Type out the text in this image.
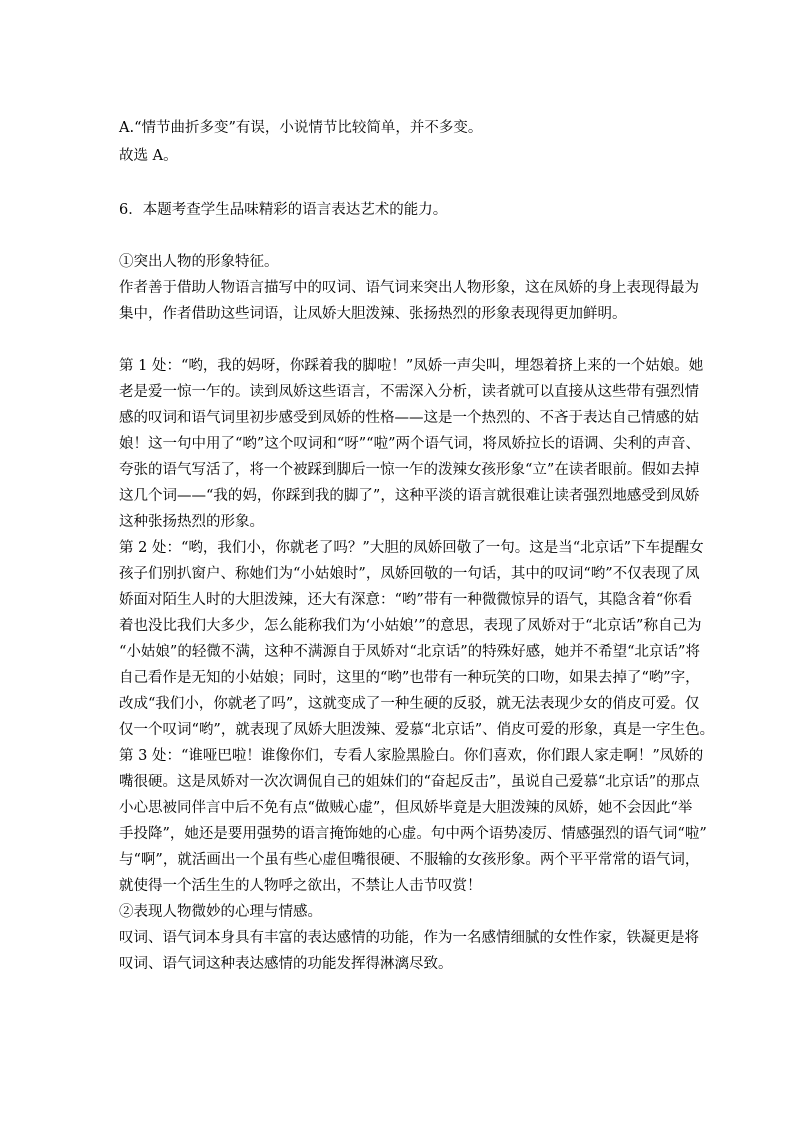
A.“情节曲折多变”有误，小说情节比较简单，并不多变。
故选 A。
6．本题考查学生品味精彩的语言表达艺术的能力。
①突出人物的形象特征。
作者善于借助人物语言描写中的叹词、语气词来突出人物形象，这在凤娇的身上表现得最为
集中，作者借助这些词语，让凤娇大胆泼辣、张扬热烈的形象表现得更加鲜明。
第 1 处：“哟，我的妈呀，你踩着我的脚啦！”凤娇一声尖叫，埋怨着挤上来的一个姑娘。她
老是爱一惊一乍的。读到凤娇这些语言，不需深入分析，读者就可以直接从这些带有强烈情
感的叹词和语气词里初步感受到凤娇的性格——这是一个热烈的、不吝于表达自己情感的姑
娘！这一句中用了“哟”这个叹词和“呀”“啦”两个语气词，将凤娇拉长的语调、尖利的声音、
夸张的语气写活了，将一个被踩到脚后一惊一乍的泼辣女孩形象“立”在读者眼前。假如去掉
这几个词——“我的妈，你踩到我的脚了”，这种平淡的语言就很难让读者强烈地感受到凤娇
这种张扬热烈的形象。
第 2 处：“哟，我们小，你就老了吗？”大胆的凤娇回敬了一句。这是当“北京话”下车提醒女
孩子们别扒窗户、称她们为“小姑娘时”，凤娇回敬的一句话，其中的叹词“哟”不仅表现了凤
娇面对陌生人时的大胆泼辣，还大有深意：“哟”带有一种微微惊异的语气，其隐含着“你看
着也没比我们大多少，怎么能称我们为‘小姑娘’”的意思，表现了凤娇对于“北京话”称自己为
“小姑娘”的轻微不满，这种不满源自于凤娇对“北京话”的特殊好感，她并不希望“北京话”将
自己看作是无知的小姑娘；同时，这里的“哟”也带有一种玩笑的口吻，如果去掉了“哟”字，
改成“我们小，你就老了吗”，这就变成了一种生硬的反驳，就无法表现少女的俏皮可爱。仅
仅一个叹词“哟”，就表现了凤娇大胆泼辣、爱慕“北京话”、俏皮可爱的形象，真是一字生色。
第 3 处：“谁哑巴啦！谁像你们，专看人家脸黑脸白。你们喜欢，你们跟人家走啊！”凤娇的
嘴很硬。这是凤娇对一次次调侃自己的姐妹们的“奋起反击”，虽说自己爱慕“北京话”的那点
小心思被同伴言中后不免有点“做贼心虚”，但凤娇毕竟是大胆泼辣的凤娇，她不会因此“举
手投降”，她还是要用强势的语言掩饰她的心虚。句中两个语势凌厉、情感强烈的语气词“啦”
与“啊”，就活画出一个虽有些心虚但嘴很硬、不服输的女孩形象。两个平平常常的语气词，
就使得一个活生生的人物呼之欲出，不禁让人击节叹赏！
②表现人物微妙的心理与情感。
叹词、语气词本身具有丰富的表达感情的功能，作为一名感情细腻的女性作家，铁凝更是将
叹词、语气词这种表达感情的功能发挥得淋漓尽致。
